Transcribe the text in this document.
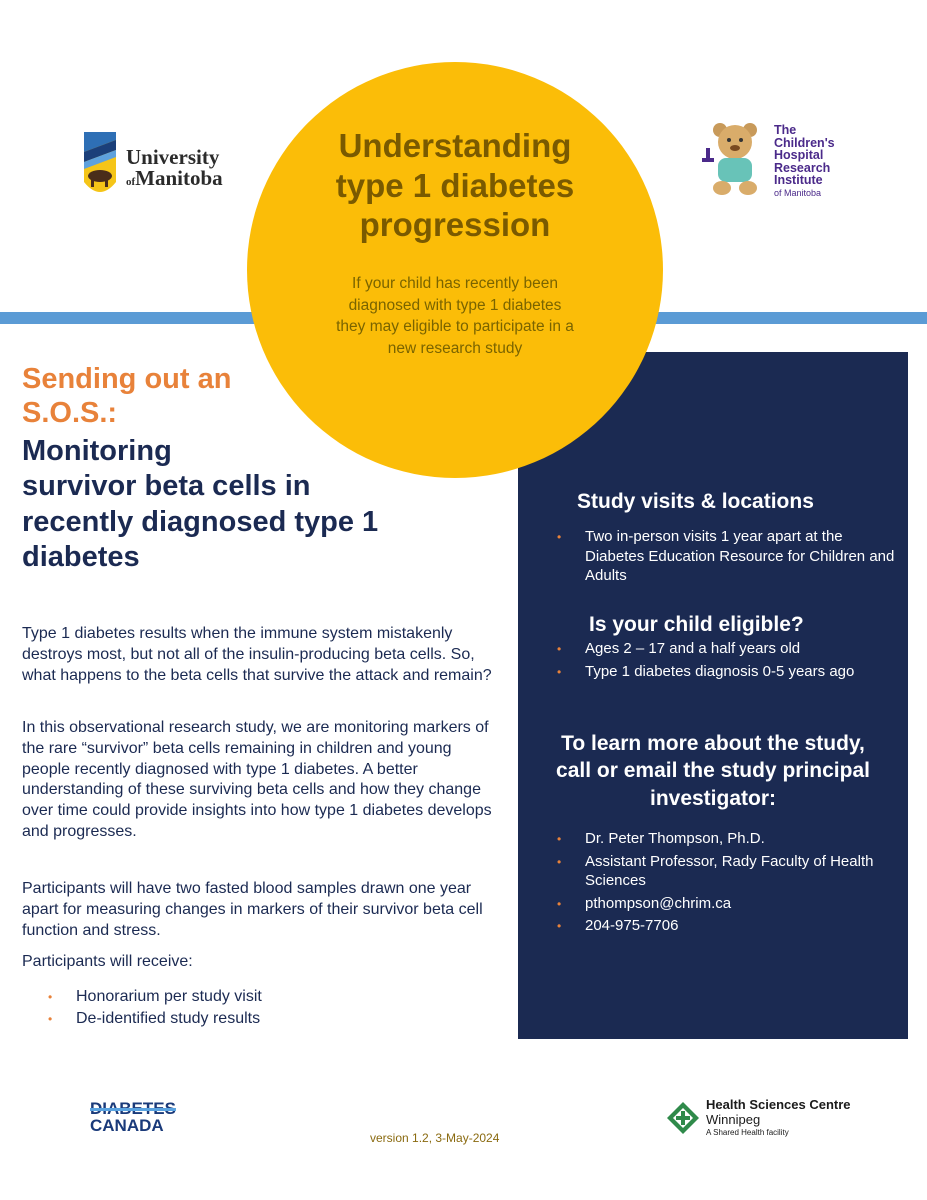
University
ofManitoba
The
Children's
Hospital
Research
Institute
of Manitoba
Understanding
type 1 diabetes
progression
If your child has recently been
diagnosed with type 1 diabetes
they may eligible to participate in a
new research study
Study visits & locations
• Two in-person visits 1 year apart at the Diabetes Education Resource for Children and Adults
Is your child eligible?
• Ages 2 – 17 and a half years old
• Type 1 diabetes diagnosis 0-5 years ago
To learn more about the study,
call or email the study principal
investigator:
• Dr. Peter Thompson, Ph.D.
• Assistant Professor, Rady Faculty of Health Sciences
• pthompson@chrim.ca
• 204-975-7706
Sending out an
S.O.S.:
Monitoring
survivor beta cells in
recently diagnosed type 1
diabetes

Type 1 diabetes results when the immune system mistakenly destroys most, but not all of the insulin-producing beta cells. So, what happens to the beta cells that survive the attack and remain?

In this observational research study, we are monitoring markers of the rare “survivor” beta cells remaining in children and young people recently diagnosed with type 1 diabetes. A better understanding of these surviving beta cells and how they change over time could provide insights into how type 1 diabetes develops and progresses.

Participants will have two fasted blood samples drawn one year apart for measuring changes in markers of their survivor beta cell function and stress.

Participants will receive:

• Honorarium per study visit
• De-identified study results
DIABETES
CANADA
version 1.2, 3-May-2024
Health Sciences Centre
Winnipeg
A Shared Health facility
